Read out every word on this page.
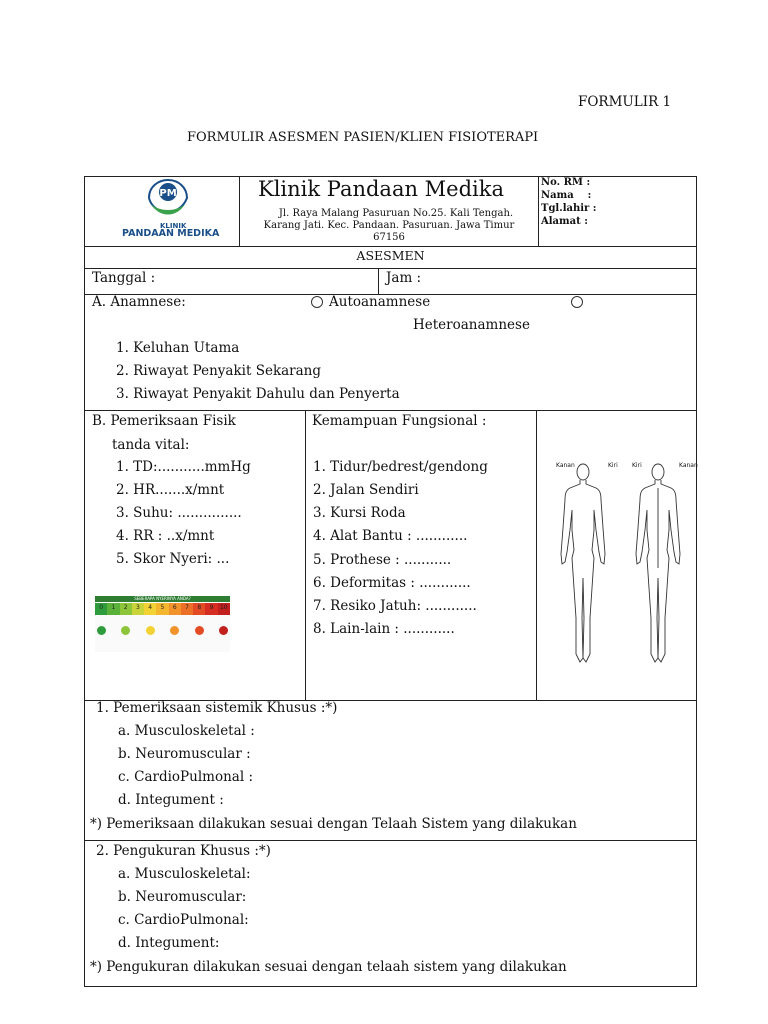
FORMULIR 1
FORMULIR ASESMEN PASIEN/KLIEN FISIOTERAPI
PM
KLINIK
PANDAAN MEDIKA
Klinik Pandaan Medika
Jl. Raya Malang Pasuruan No.25. Kali Tengah.
Karang Jati. Kec. Pandaan. Pasuruan. Jawa Timur
67156
No. RM :
Nama    :
Tgl.lahir :
Alamat :
ASESMEN
Tanggal :	Jam :
A. Anamnese:	Autoanamnese
Heteroanamnese
1. Keluhan Utama
2. Riwayat Penyakit Sekarang
3. Riwayat Penyakit Dahulu dan Penyerta
B. Pemeriksaan Fisik
tanda vital:
1. TD:...........mmHg
2. HR.......x/mnt
3. Suhu: ...............
4. RR : ..x/mnt
5. Skor Nyeri: ...
SEBERAPA NYERINYA ANDA?
0	1	2	3	4	5	6	7	8	9	10
Kemampuan Fungsional :
1. Tidur/bedrest/gendong
2. Jalan Sendiri
3. Kursi Roda
4. Alat Bantu : ............
5. Prothese : ...........
6. Deformitas : ............
7. Resiko Jatuh: ............
8. Lain-lain : ............
Kanan	Kiri Kiri	Kanan
1. Pemeriksaan sistemik Khusus :*)
a. Musculoskeletal :
b. Neuromuscular :
c. CardioPulmonal :
d. Integument :
*) Pemeriksaan dilakukan sesuai dengan Telaah Sistem yang dilakukan
2. Pengukuran Khusus :*)
a. Musculoskeletal:
b. Neuromuscular:
c. CardioPulmonal:
d. Integument:
*) Pengukuran dilakukan sesuai dengan telaah sistem yang dilakukan
